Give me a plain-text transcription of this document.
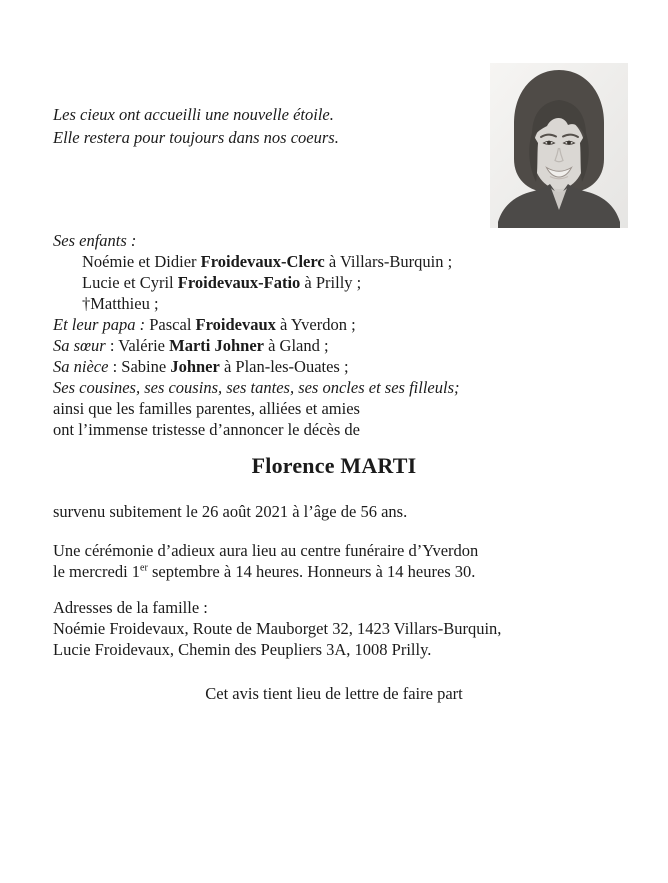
Les cieux ont accueilli une nouvelle étoile.
Elle restera pour toujours dans nos coeurs.
Ses enfants :
Noémie et Didier Froidevaux-Clerc à Villars-Burquin ;
Lucie et Cyril Froidevaux-Fatio à Prilly ;
†Matthieu ;
Et leur papa : Pascal Froidevaux à Yverdon ;
Sa sœur : Valérie Marti Johner à Gland ;
Sa nièce : Sabine Johner à Plan-les-Ouates ;
Ses cousines, ses cousins, ses tantes, ses oncles et ses filleuls;
ainsi que les familles parentes, alliées et amies
ont l’immense tristesse d’annoncer le décès de
Florence MARTI
survenu subitement le 26 août 2021 à l’âge de 56 ans.
Une cérémonie d’adieux aura lieu au centre funéraire d’Yverdon
le mercredi 1er septembre à 14 heures. Honneurs à 14 heures 30.
Adresses de la famille :
Noémie Froidevaux, Route de Mauborget 32, 1423 Villars-Burquin,
Lucie Froidevaux, Chemin des Peupliers 3A, 1008 Prilly.
Cet avis tient lieu de lettre de faire part
